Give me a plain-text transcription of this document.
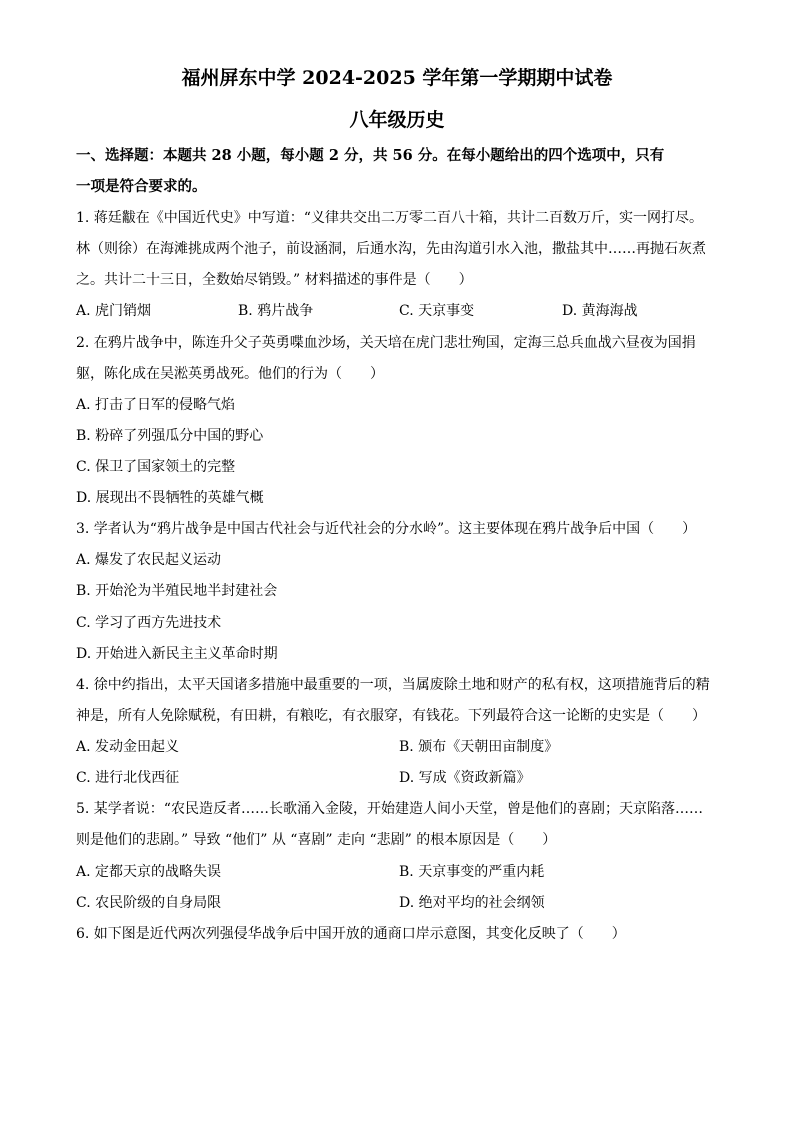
福州屏东中学 2024-2025 学年第一学期期中试卷
八年级历史
一、选择题：本题共 28 小题，每小题 2 分，共 56 分。在每小题给出的四个选项中，只有
一项是符合要求的。
1. 蒋廷黻在《中国近代史》中写道：“义律共交出二万零二百八十箱，共计二百数万斤，实一网打尽。
林（则徐）在海滩挑成两个池子，前设涵洞，后通水沟，先由沟道引水入池，撒盐其中……再抛石灰煮
之。共计二十三日，全数始尽销毁。” 材料描述的事件是（　　）
A. 虎门销烟	B. 鸦片战争	C. 天京事变	D. 黄海海战
2. 在鸦片战争中，陈连升父子英勇喋血沙场，关天培在虎门悲壮殉国，定海三总兵血战六昼夜为国捐
躯，陈化成在吴淞英勇战死。他们的行为（　　）
A. 打击了日军的侵略气焰
B. 粉碎了列强瓜分中国的野心
C. 保卫了国家领土的完整
D. 展现出不畏牺牲的英雄气概
3. 学者认为“鸦片战争是中国古代社会与近代社会的分水岭”。这主要体现在鸦片战争后中国（　　）
A. 爆发了农民起义运动
B. 开始沦为半殖民地半封建社会
C. 学习了西方先进技术
D. 开始进入新民主主义革命时期
4. 徐中约指出，太平天国诸多措施中最重要的一项，当属废除土地和财产的私有权，这项措施背后的精
神是，所有人免除赋税，有田耕，有粮吃，有衣服穿，有钱花。下列最符合这一论断的史实是（　　）
A. 发动金田起义	B. 颁布《天朝田亩制度》
C. 进行北伐西征	D. 写成《资政新篇》
5. 某学者说：“农民造反者……长歌涌入金陵，开始建造人间小天堂，曾是他们的喜剧；天京陷落……
则是他们的悲剧。” 导致 “他们” 从 “喜剧” 走向 “悲剧” 的根本原因是（　　）
A. 定都天京的战略失误	B. 天京事变的严重内耗
C. 农民阶级的自身局限	D. 绝对平均的社会纲领
6. 如下图是近代两次列强侵华战争后中国开放的通商口岸示意图，其变化反映了（　　）
